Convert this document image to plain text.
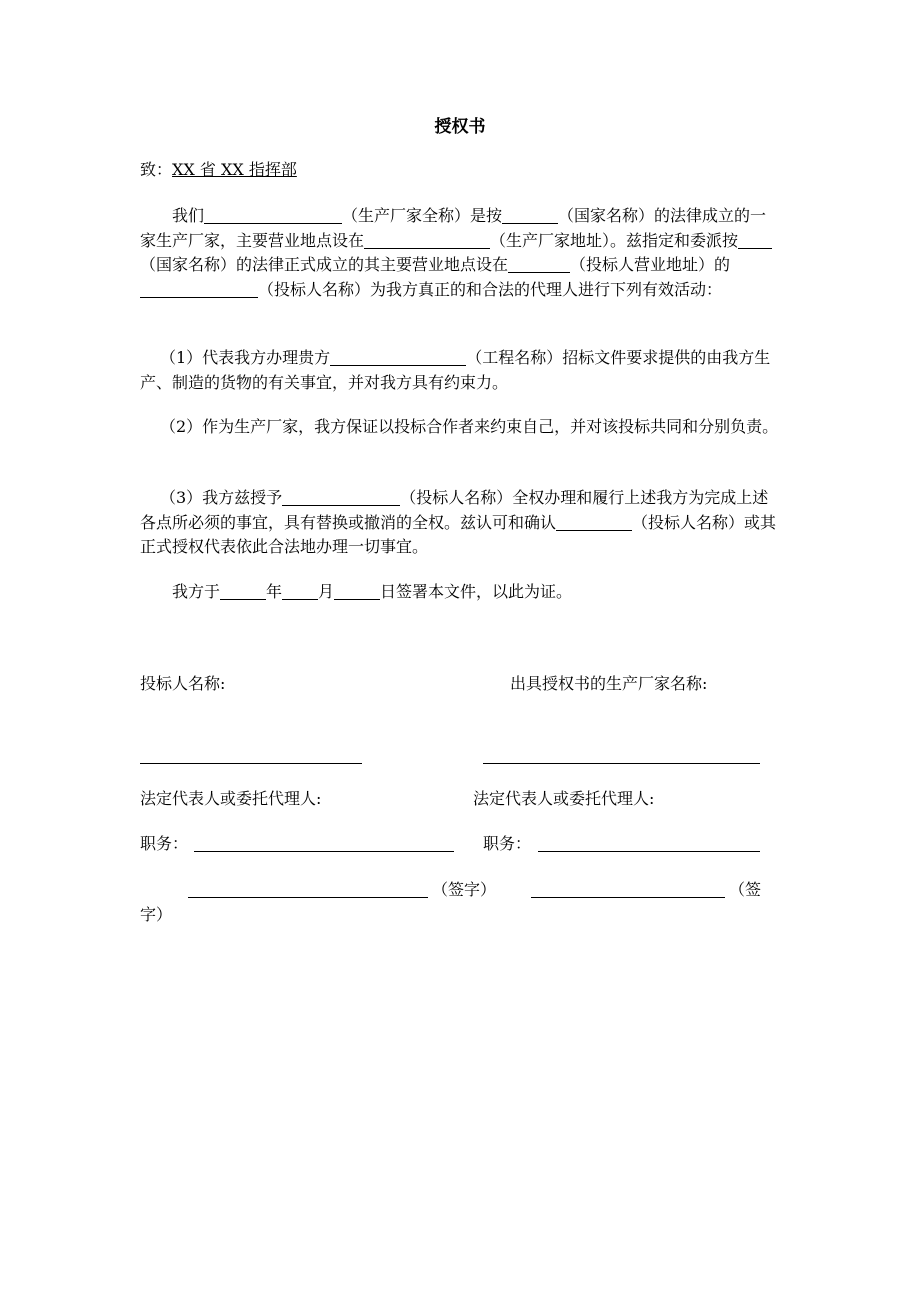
授权书
致：XX 省 XX 指挥部
我们	（生产厂家全称）是按	（国家名称）的法律成立的一家生产厂家，主要营业地点设在	（生产厂家地址）。兹指定和委派按（国家名称）的法律正式成立的其主要营业地点设在	（投标人营业地址）的（投标人名称）为我方真正的和合法的代理人进行下列有效活动：
（1）代表我方办理贵方	（工程名称）招标文件要求提供的由我方生产、制造的货物的有关事宜，并对我方具有约束力。
（2）作为生产厂家，我方保证以投标合作者来约束自己，并对该投标共同和分别负责。
（3）我方兹授予	（投标人名称）全权办理和履行上述我方为完成上述各点所必须的事宜，具有替换或撤消的全权。兹认可和确认	（投标人名称）或其正式授权代表依此合法地办理一切事宜。
我方于	年 月	日签署本文件，以此为证。
投标人名称:	出具授权书的生产厂家名称:
法定代表人或委托代理人:	法定代表人或委托代理人:
职务：	职务：
（签字）	（签
字）
